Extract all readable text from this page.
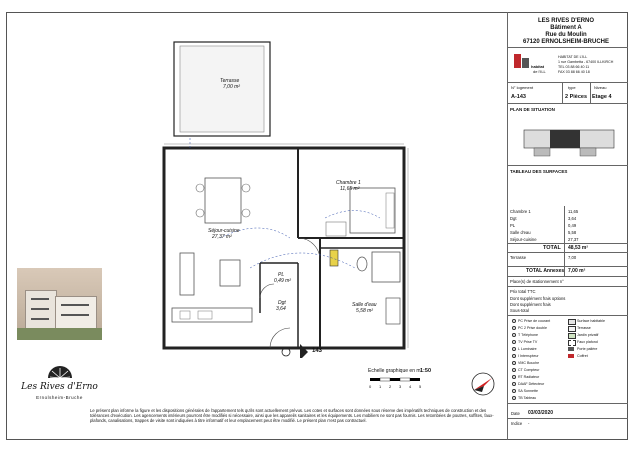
Terrasse
7,00 m²
Séjour-cuisine
27,37 m²
Chambre 1
11,65 m²
PL
0,49 m²
Dgt
3,64
Salle d'eau
5,58 m²
143
Echelle graphique en m 1:50
0 1 2 3 4 5
Les Rives d'Erno
Ernolsheim-Bruche
Le présent plan informe la figure et les dispositions générales de l'appartement tels qu'ils sont actuellement prévus. Les cotes et surfaces sont données sous réserve des impératifs techniques de construction et des tolérances d'exécution. Les agencements intérieurs pourront être modifiés si nécessaire, ainsi que les appareils sanitaires et les équipements. Les mobiliers ne sont pas fournis. Les retombées de poutres, soffites, faux-plafonds, canalisations, trappes de visite sont indiquées à titre informatif et leur emplacement peut être modifié. Le présent plan n'est pas contractuel.
LES RIVES D'ERNO
Bâtiment A
Rue du Moulin
67120 ERNOLSHEIM-BRUCHE
habitat
de l'ILL
HABITAT DE L'ILL
1 rue Gambetta - 67400 ILLKIRCH
TEL 03 88 66 40 11
FAX 03 88 66 40 18
N° logement	type	Niveau
A-143	2 Pièces Etage 4
PLAN DE SITUATION
TABLEAU DES SURFACES
Chambre 1	11,65
Dgt	3,64
PL	0,49
Salle d'eau	5,58
Séjour-cuisine	27,37
TOTAL 48,53 m²
Terrasse	7,00
TOTAL Annexes 7,00 m²
Place(s) de stationnement n°
Prix total TTC
Dont supplément frais options
Dont supplément frais
Sous-total
Date 03/03/2020
Indice -
PC Prise de courant
PC 2 Prise double
T Téléphone
TV Prise TV
L Luminaire
I Interrupteur
VMC Bouche
CT Compteur
RT Radiateur
DAAF Détecteur
SA Sonnette
TB Tableau
Surface habitable
Terrasse
Jardin privatif
Faux plafond
Porte palière
Coffret
